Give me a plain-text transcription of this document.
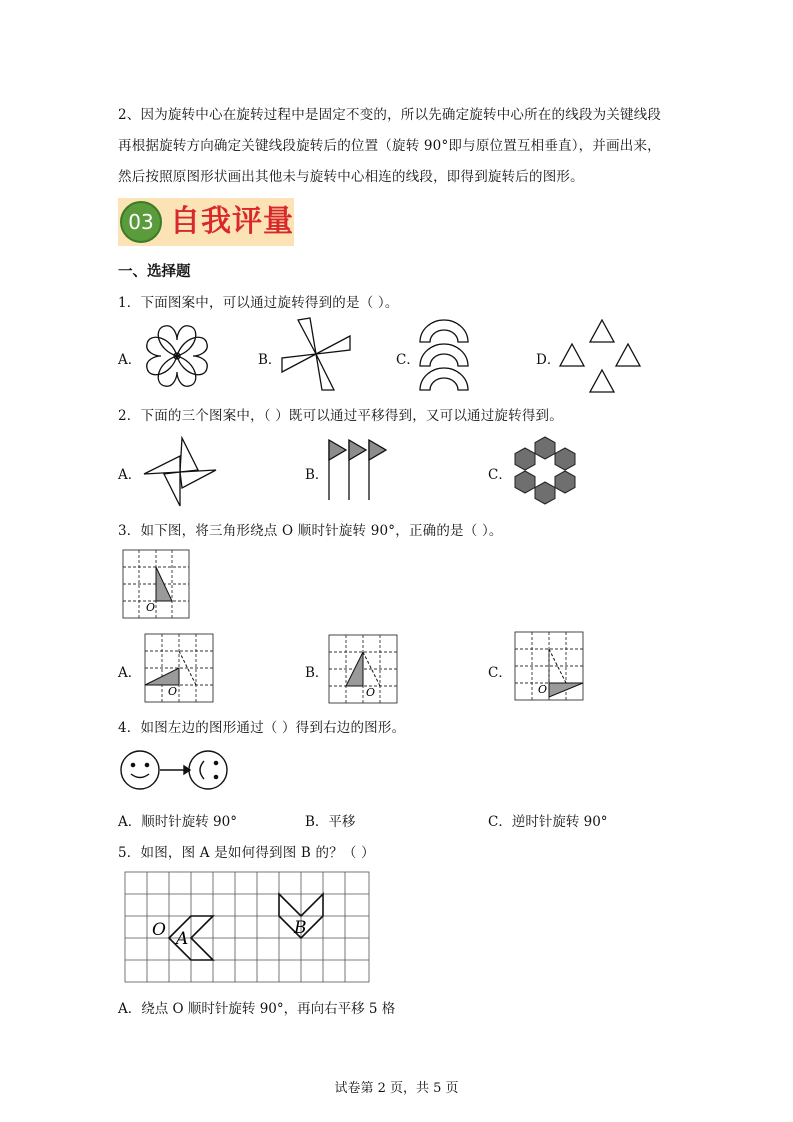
2、因为旋转中心在旋转过程中是固定不变的，所以先确定旋转中心所在的线段为关键线段
再根据旋转方向确定关键线段旋转后的位置（旋转 90°即与原位置互相垂直），并画出来，
然后按照原图形状画出其他未与旋转中心相连的线段，即得到旋转后的图形。
03 自我评量
一、选择题
1．下面图案中，可以通过旋转得到的是（ ）。
A．	B．	C．	D．
2．下面的三个图案中，（ ）既可以通过平移得到，又可以通过旋转得到。
A．	B．	C．
3．如下图，将三角形绕点 O 顺时针旋转 90°，正确的是（ ）。
O
A．
O
B．
O
C．
O
4．如图左边的图形通过（ ）得到右边的图形。
A．顺时针旋转 90°	B．平移	C．逆时针旋转 90°
5．如图，图 A 是如何得到图 B 的？（ ）
O A
B
A．绕点 O 顺时针旋转 90°，再向右平移 5 格
试卷第 2 页，共 5 页
